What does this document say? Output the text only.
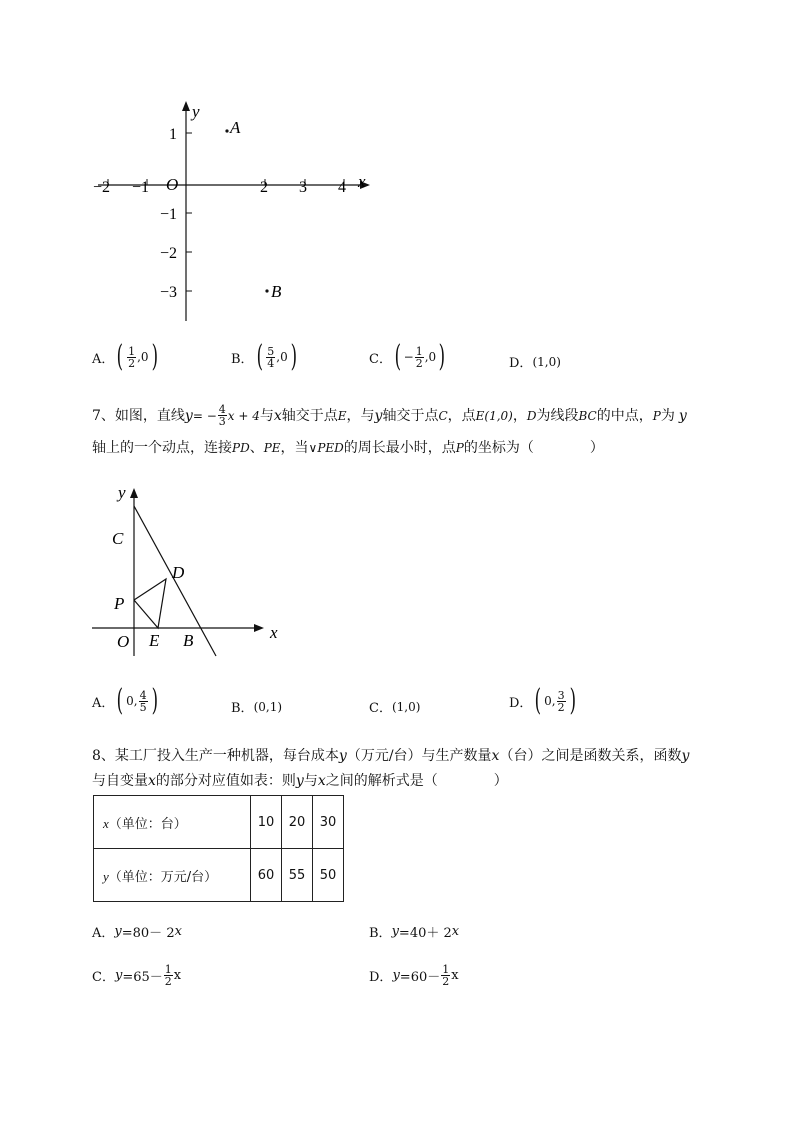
y
x
O
−2 −1	2 3 4
1
−1
−2
−3
A
B
A． ( $\frac{1}{2} ,0$ )	B． ( $\frac{5}{4} ,0$ )	C． ( − $\frac{1}{2} ,0$ )	D． (1,0)
7、如图，直线 y = − $\frac{4}{3}$ x + 4 与 x 轴交于点 E ，与 y 轴交于点 C ，点 E(1,0) ， D 为线段 BC 的中点， P 为 y
轴上的一个动点，连接PD、PE，当∨PED的周长最小时，点P的坐标为（　　　　）
y
x
C
D
P
O E B
A． ( 0, $\frac{4}{5}$ )	B． (0,1)	C． (1,0)	D． ( 0, $\frac{3}{2}$ )
8、某工厂投入生产一种机器，每台成本y（万元/台）与生产数量x（台）之间是函数关系，函数y
与自变量x的部分对应值如表：则y与x之间的解析式是（　　　　）
x（单位：台）	10	20	30
y（单位：万元/台）	60	55	50
A． y =80－ 2 x	B． y =40＋ 2 x
C． $y =65- \frac{1}{2}$ x	D． $y =60- \frac{1}{2}$ x
